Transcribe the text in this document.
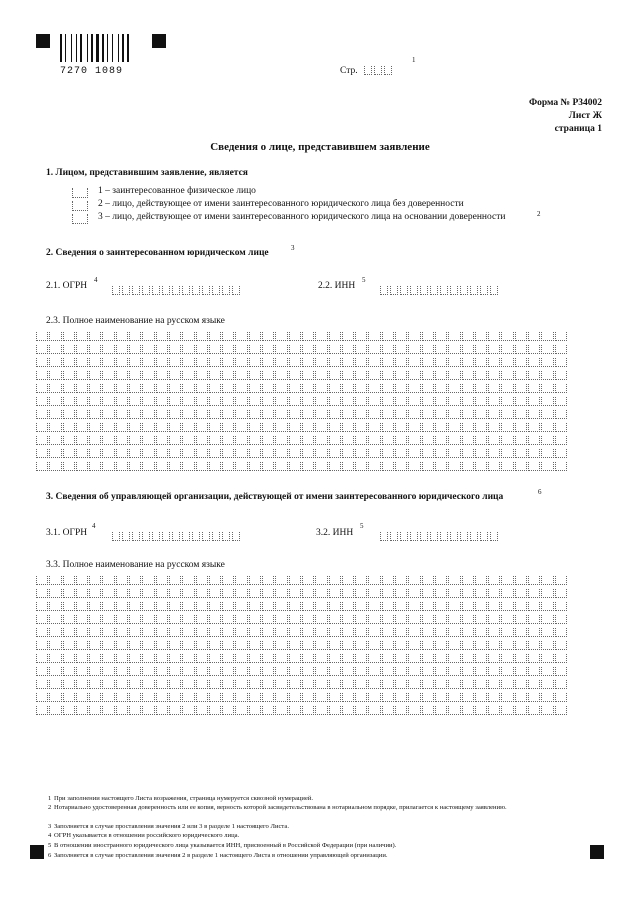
7270 1089	Стр.
1
Форма № Р34002
Лист Ж
страница 1
Сведения о лице, представившем заявление
1. Лицом, представившим заявление, является
1 – заинтересованное физическое лицо
2 – лицо, действующее от имени заинтересованного юридического лица без доверенности
3 – лицо, действующее от имени заинтересованного юридического лица на основании доверенности	2
2. Сведения о заинтересованном юридическом лице	3
2.1. ОГРН
4
2.2. ИНН
5
2.3. Полное наименование на русском языке
3. Сведения об управляющей организации, действующей от имени заинтересованного юридического лица	6
3.1. ОГРН
4
3.2. ИНН
5
3.3. Полное наименование на русском языке
1 При заполнении настоящего Листа возражения, страница нумеруется сквозной нумерацией.
2 Нотариально удостоверенная доверенность или ее копия, верность которой засвидетельствована в нотариальном порядке, прилагается к настоящему заявлению.
3 Заполняется в случае проставления значения 2 или 3 в разделе 1 настоящего Листа.
4 ОГРН указывается в отношении российского юридического лица.
5 В отношении иностранного юридического лица указывается ИНН, присвоенный в Российской Федерации (при наличии).
6 Заполняется в случае проставления значения 2 в разделе 1 настоящего Листа в отношении управляющей организации.
